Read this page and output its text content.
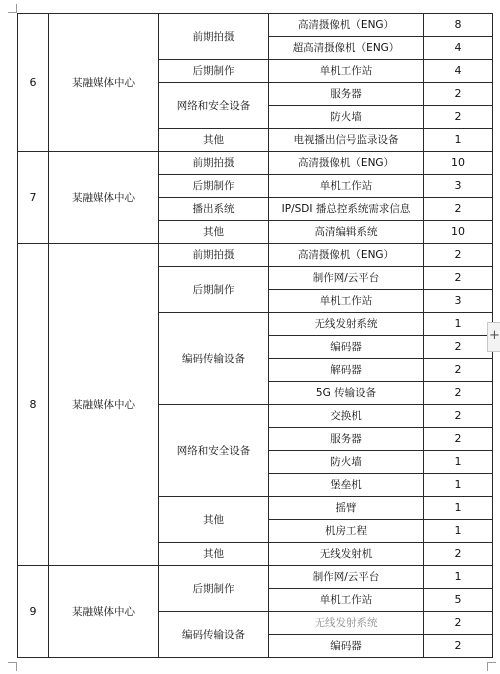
6	某融媒体中心	前期拍摄	高清摄像机（ENG）	8
			超高清摄像机（ENG）	4
		后期制作	单机工作站	4
		网络和安全设备	服务器	2
			防火墙	2
		其他	电视播出信号监录设备	1
7	某融媒体中心	前期拍摄	高清摄像机（ENG）	10
		后期制作	单机工作站	3
		播出系统	IP/SDI 播总控系统需求信息	2
		其他	高清编辑系统	10
8	某融媒体中心	前期拍摄	高清摄像机（ENG）	2
		后期制作	制作网/云平台	2
			单机工作站	3
		编码传输设备	无线发射系统	1
			编码器	2
			解码器	2
			5G 传输设备	2
		网络和安全设备	交换机	2
			服务器	2
			防火墙	1
			堡垒机	1
		其他	摇臂	1
			机房工程	1
		其他	无线发射机	2
9	某融媒体中心	后期制作	制作网/云平台	1
			单机工作站	5
		编码传输设备	无线发射系统	2
			编码器	2
+
